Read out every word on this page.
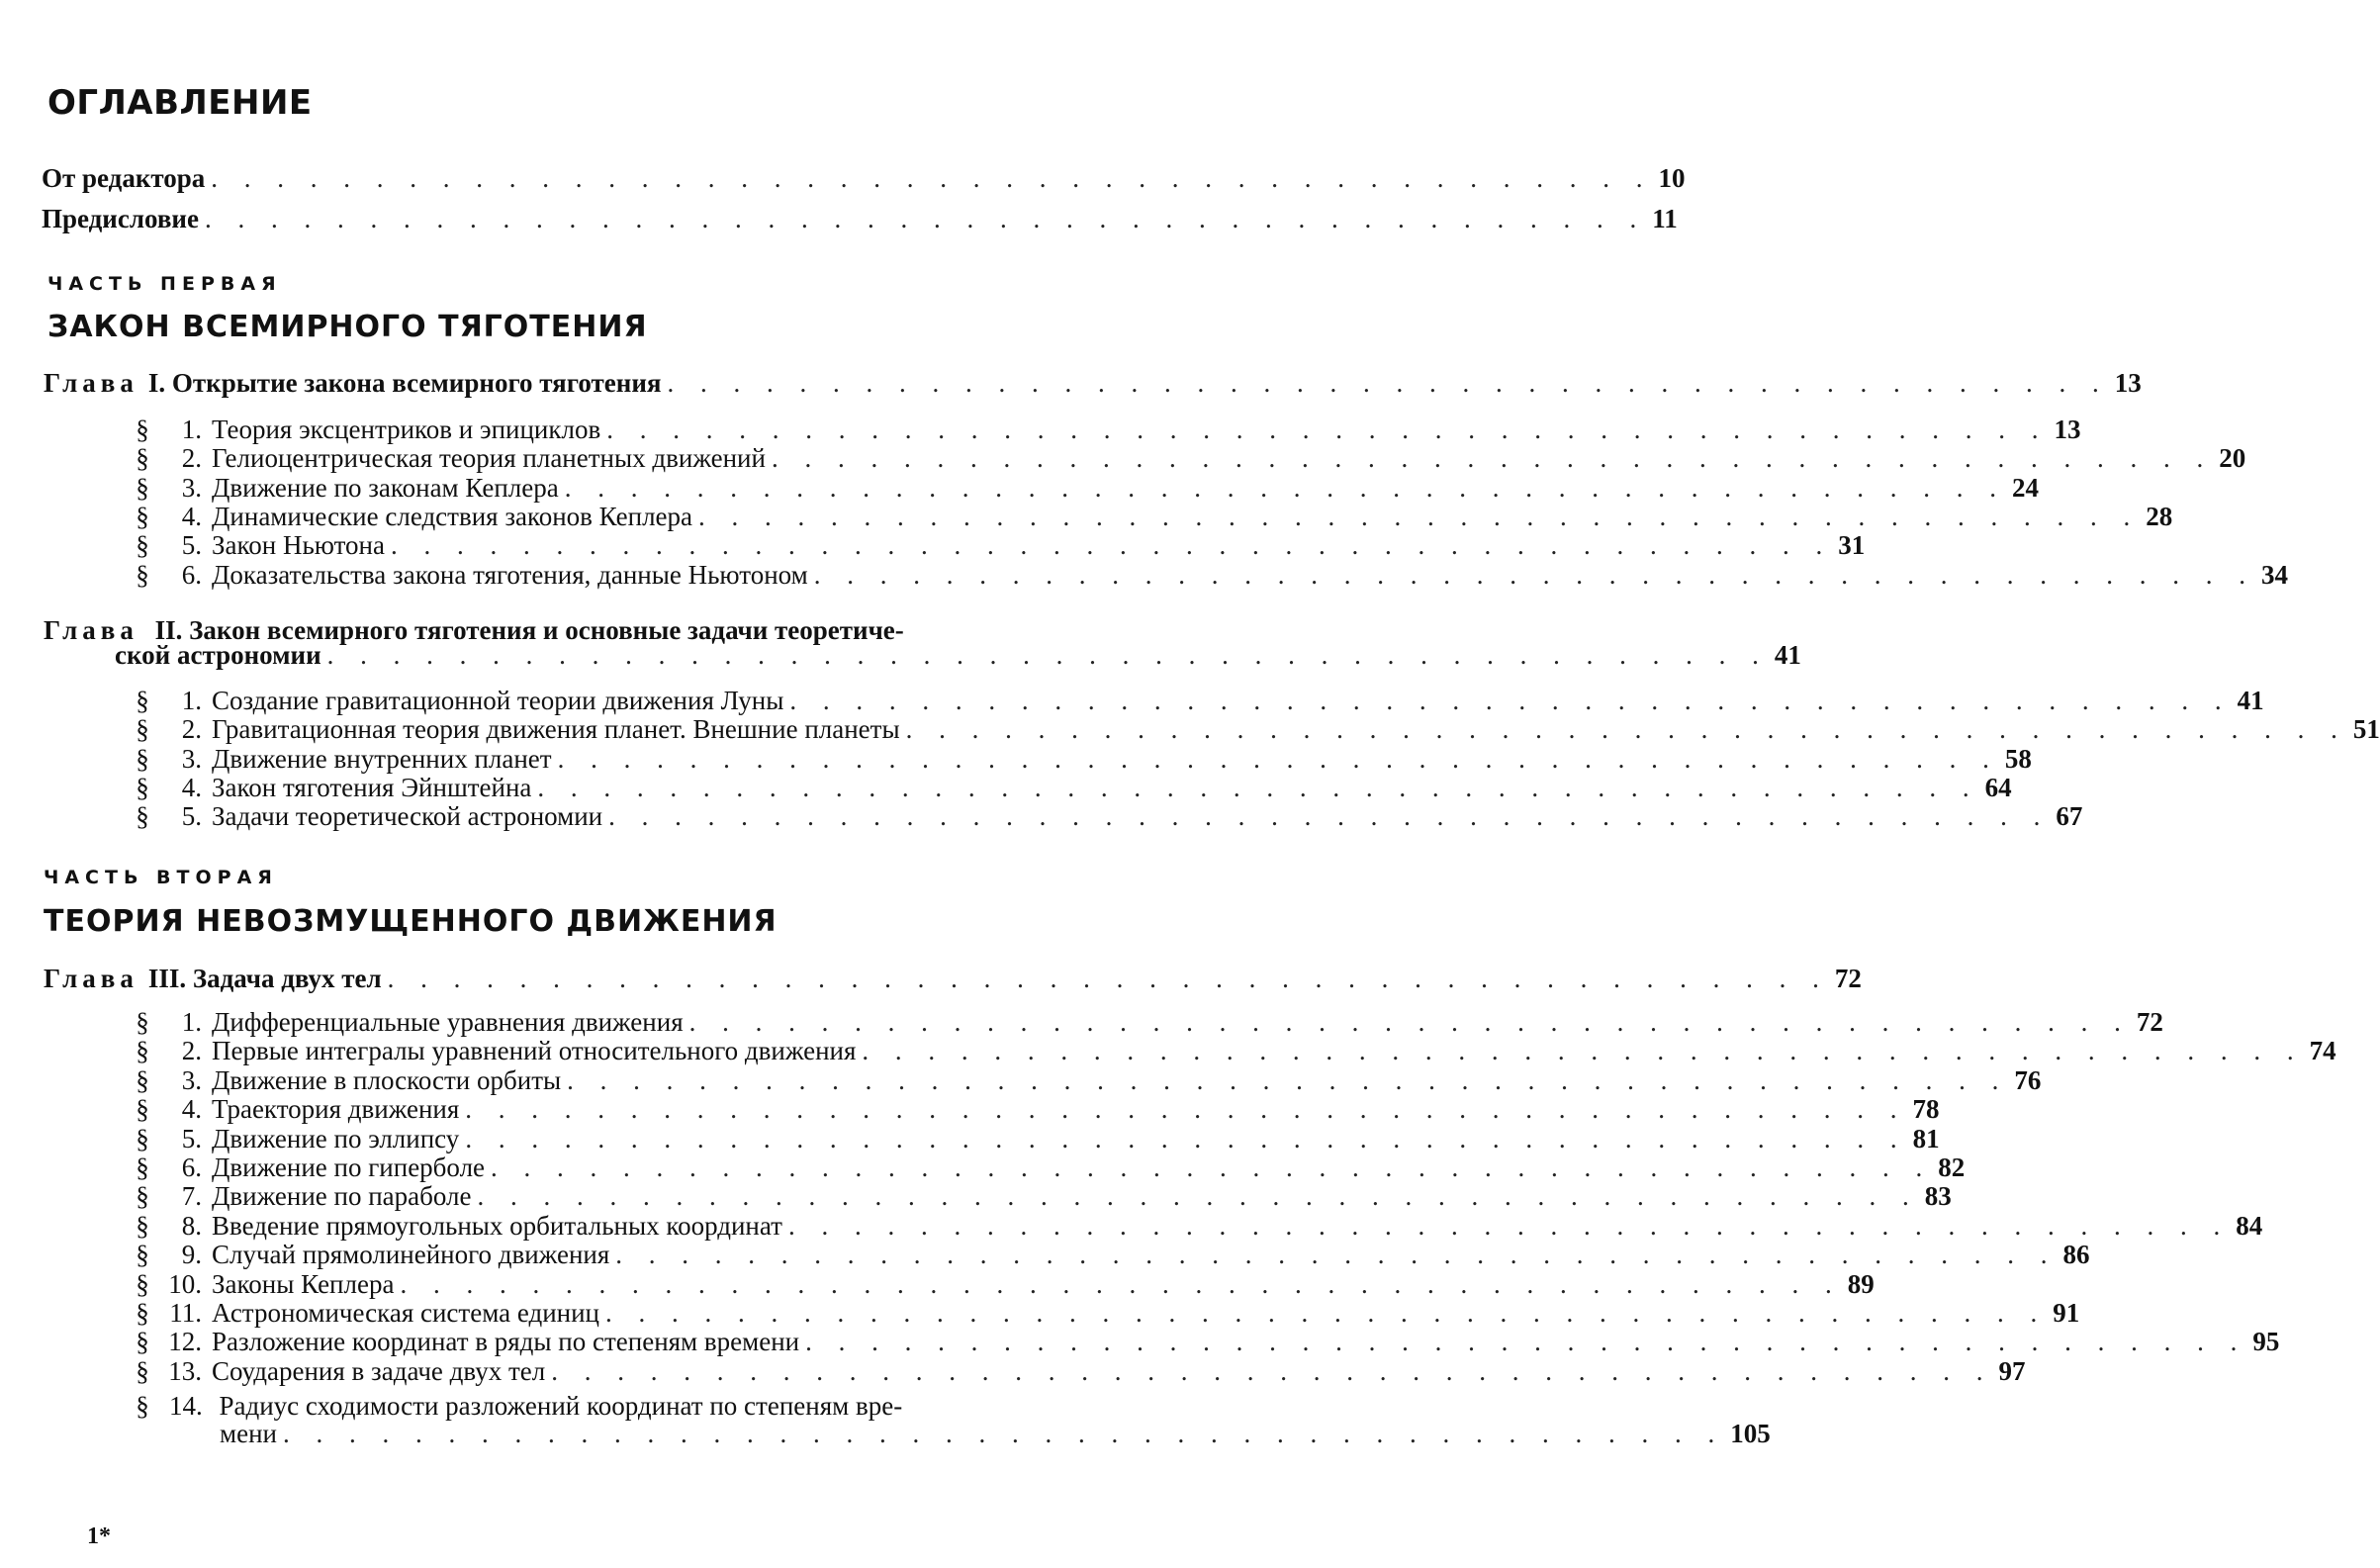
ОГЛАВЛЕНИЕ
От редактора . . . . . . . . . . . . . . . . . . . . . . . . . . . . . . . . . . . . . . . . . . . . 10
Предисловие . . . . . . . . . . . . . . . . . . . . . . . . . . . . . . . . . . . . . . . . . . . . 11
ЧАСТЬ ПЕРВАЯ
ЗАКОН ВСЕМИРНОГО ТЯГОТЕНИЯ
Глава I. Открытие закона всемирного тяготения . . . . . . . . . . . . . . . . . . . . . . . . . . . . . . . . . . . . . . . . . . . . 13
§ 1. Теория эксцентриков и эпициклов . . . . . . . . . . . . . . . . . . . . . . . . . . . . . . . . . . . . . . . . . . . . 13
§ 2. Гелиоцентрическая теория планетных движений . . . . . . . . . . . . . . . . . . . . . . . . . . . . . . . . . . . . . . . . . . . . 20
§ 3. Движение по законам Кеплера . . . . . . . . . . . . . . . . . . . . . . . . . . . . . . . . . . . . . . . . . . . . 24
§ 4. Динамические следствия законов Кеплера . . . . . . . . . . . . . . . . . . . . . . . . . . . . . . . . . . . . . . . . . . . . 28
§ 5. Закон Ньютона . . . . . . . . . . . . . . . . . . . . . . . . . . . . . . . . . . . . . . . . . . . . 31
§ 6. Доказательства закона тяготения, данные Ньютоном . . . . . . . . . . . . . . . . . . . . . . . . . . . . . . . . . . . . . . . . . . . . 34
Глава II. Закон всемирного тяготения и основные задачи теоретиче-
ской астрономии . . . . . . . . . . . . . . . . . . . . . . . . . . . . . . . . . . . . . . . . . . . . 41
§ 1. Создание гравитационной теории движения Луны . . . . . . . . . . . . . . . . . . . . . . . . . . . . . . . . . . . . . . . . . . . . 41
§ 2. Гравитационная теория движения планет. Внешние планеты . . . . . . . . . . . . . . . . . . . . . . . . . . . . . . . . . . . . . . . . . . . . 51
§ 3. Движение внутренних планет . . . . . . . . . . . . . . . . . . . . . . . . . . . . . . . . . . . . . . . . . . . . 58
§ 4. Закон тяготения Эйнштейна . . . . . . . . . . . . . . . . . . . . . . . . . . . . . . . . . . . . . . . . . . . . 64
§ 5. Задачи теоретической астрономии . . . . . . . . . . . . . . . . . . . . . . . . . . . . . . . . . . . . . . . . . . . . 67
ЧАСТЬ ВТОРАЯ
ТЕОРИЯ НЕВОЗМУЩЕННОГО ДВИЖЕНИЯ
Глава III. Задача двух тел . . . . . . . . . . . . . . . . . . . . . . . . . . . . . . . . . . . . . . . . . . . . 72
§ 1. Дифференциальные уравнения движения . . . . . . . . . . . . . . . . . . . . . . . . . . . . . . . . . . . . . . . . . . . . 72
§ 2. Первые интегралы уравнений относительного движения . . . . . . . . . . . . . . . . . . . . . . . . . . . . . . . . . . . . . . . . . . . . 74
§ 3. Движение в плоскости орбиты . . . . . . . . . . . . . . . . . . . . . . . . . . . . . . . . . . . . . . . . . . . . 76
§ 4. Траектория движения . . . . . . . . . . . . . . . . . . . . . . . . . . . . . . . . . . . . . . . . . . . . 78
§ 5. Движение по эллипсу . . . . . . . . . . . . . . . . . . . . . . . . . . . . . . . . . . . . . . . . . . . . 81
§ 6. Движение по гиперболе . . . . . . . . . . . . . . . . . . . . . . . . . . . . . . . . . . . . . . . . . . . . 82
§ 7. Движение по параболе . . . . . . . . . . . . . . . . . . . . . . . . . . . . . . . . . . . . . . . . . . . . 83
§ 8. Введение прямоугольных орбитальных координат . . . . . . . . . . . . . . . . . . . . . . . . . . . . . . . . . . . . . . . . . . . . 84
§ 9. Случай прямолинейного движения . . . . . . . . . . . . . . . . . . . . . . . . . . . . . . . . . . . . . . . . . . . . 86
§ 10. Законы Кеплера . . . . . . . . . . . . . . . . . . . . . . . . . . . . . . . . . . . . . . . . . . . . 89
§ 11. Астрономическая система единиц . . . . . . . . . . . . . . . . . . . . . . . . . . . . . . . . . . . . . . . . . . . . 91
§ 12. Разложение координат в ряды по степеням времени . . . . . . . . . . . . . . . . . . . . . . . . . . . . . . . . . . . . . . . . . . . . 95
§ 13. Соударения в задаче двух тел . . . . . . . . . . . . . . . . . . . . . . . . . . . . . . . . . . . . . . . . . . . . 97
§ 14. Радиус сходимости разложений координат по степеням вре-
мени . . . . . . . . . . . . . . . . . . . . . . . . . . . . . . . . . . . . . . . . . . . . 105
1*
